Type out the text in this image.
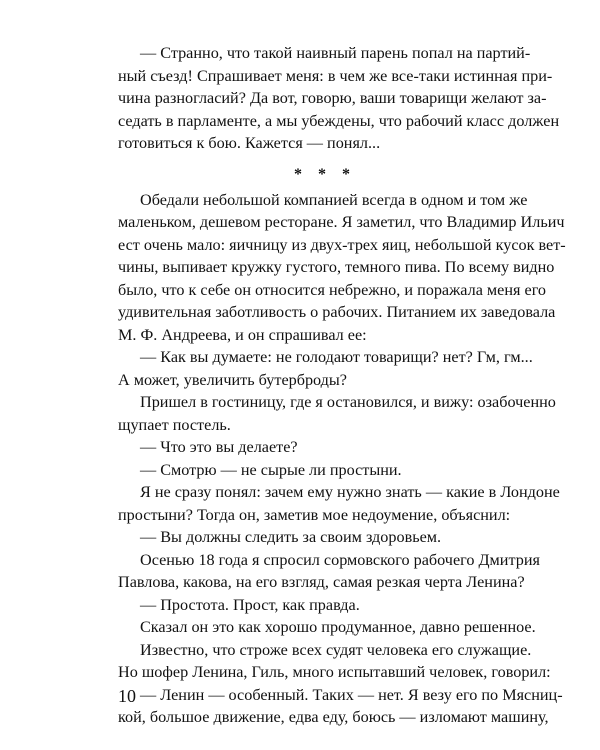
— Странно, что такой наивный парень попал на партий-
ный съезд! Спрашивает меня: в чем же все-таки истинная при-
чина разногласий? Да вот, говорю, ваши товарищи желают за-
седать в парламенте, а мы убеждены, что рабочий класс должен
готовиться к бою. Кажется — понял...
* * *
Обедали небольшой компанией всегда в одном и том же
маленьком, дешевом ресторане. Я заметил, что Владимир Ильич
ест очень мало: яичницу из двух-трех яиц, небольшой кусок вет-
чины, выпивает кружку густого, темного пива. По всему видно
было, что к себе он относится небрежно, и поражала меня его
удивительная заботливость о рабочих. Питанием их заведовала
М. Ф. Андреева, и он спрашивал ее:
— Как вы думаете: не голодают товарищи? нет? Гм, гм...
А может, увеличить бутерброды?
Пришел в гостиницу, где я остановился, и вижу: озабоченно
щупает постель.
— Что это вы делаете?
— Смотрю — не сырые ли простыни.
Я не сразу понял: зачем ему нужно знать — какие в Лондоне
простыни? Тогда он, заметив мое недоумение, объяснил:
— Вы должны следить за своим здоровьем.
Осенью 18 года я спросил сормовского рабочего Дмитрия
Павлова, какова, на его взгляд, самая резкая черта Ленина?
— Простота. Прост, как правда.
Сказал он это как хорошо продуманное, давно решенное.
Известно, что строже всех судят человека его служащие.
Но шофер Ленина, Гиль, много испытавший человек, говорил:
— Ленин — особенный. Таких — нет. Я везу его по Мясниц-
кой, большое движение, едва еду, боюсь — изломают машину,
10
